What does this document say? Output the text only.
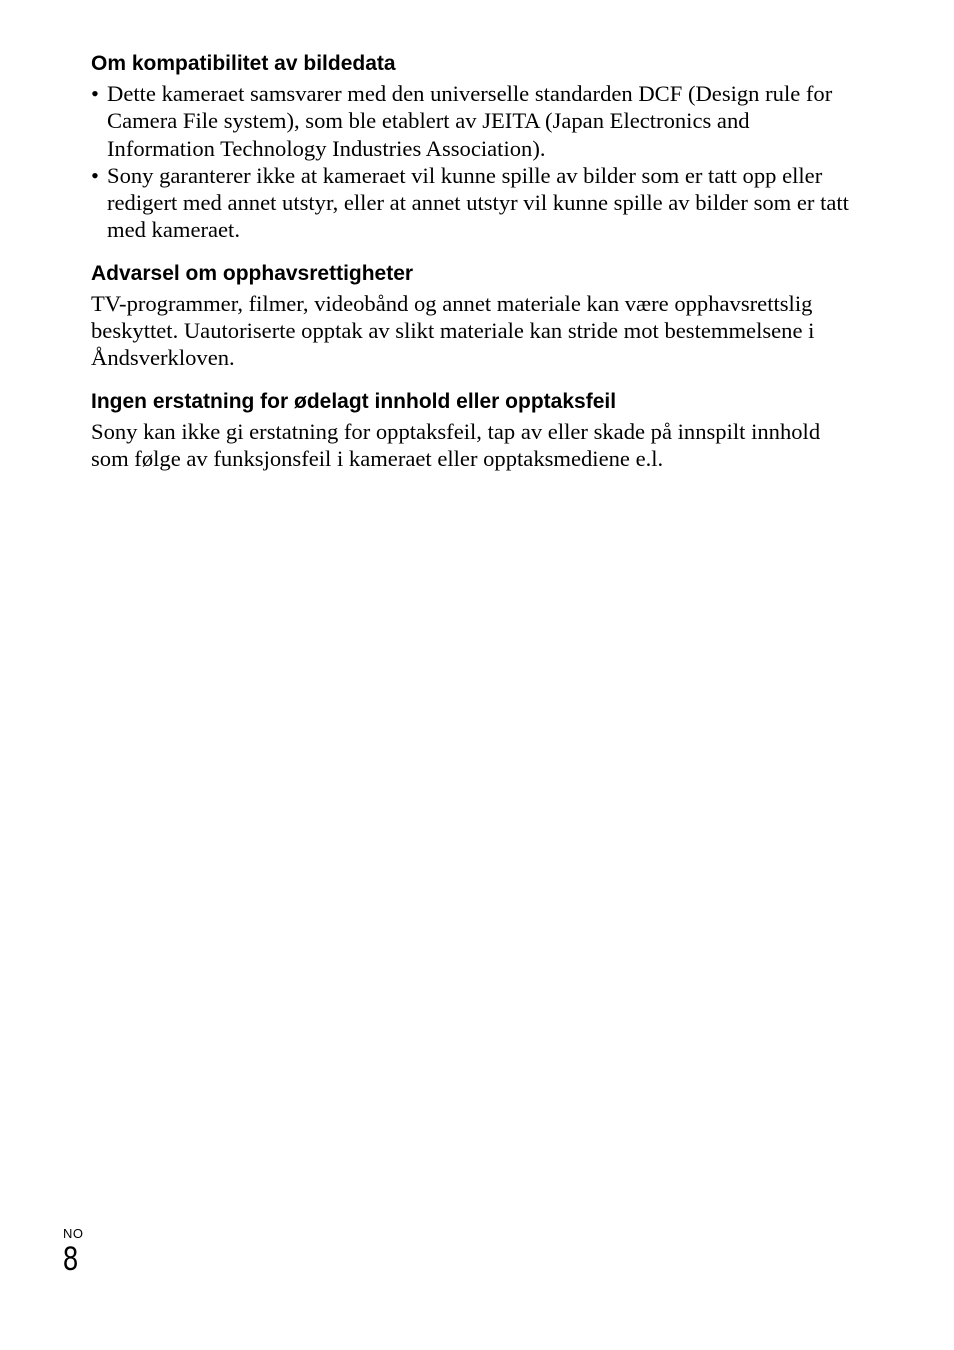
Om kompatibilitet av bildedata
• Dette kameraet samsvarer med den universelle standarden DCF (Design rule for Camera File system), som ble etablert av JEITA (Japan Electronics and Information Technology Industries Association).
• Sony garanterer ikke at kameraet vil kunne spille av bilder som er tatt opp eller redigert med annet utstyr, eller at annet utstyr vil kunne spille av bilder som er tatt med kameraet.
Advarsel om opphavsrettigheter

TV-programmer, filmer, videobånd og annet materiale kan være opphavsrettslig beskyttet. Uautoriserte opptak av slikt materiale kan stride mot bestemmelsene i Åndsverkloven.

Ingen erstatning for ødelagt innhold eller opptaksfeil

Sony kan ikke gi erstatning for opptaksfeil, tap av eller skade på innspilt innhold som følge av funksjonsfeil i kameraet eller opptaksmediene e.l.

NO
8
